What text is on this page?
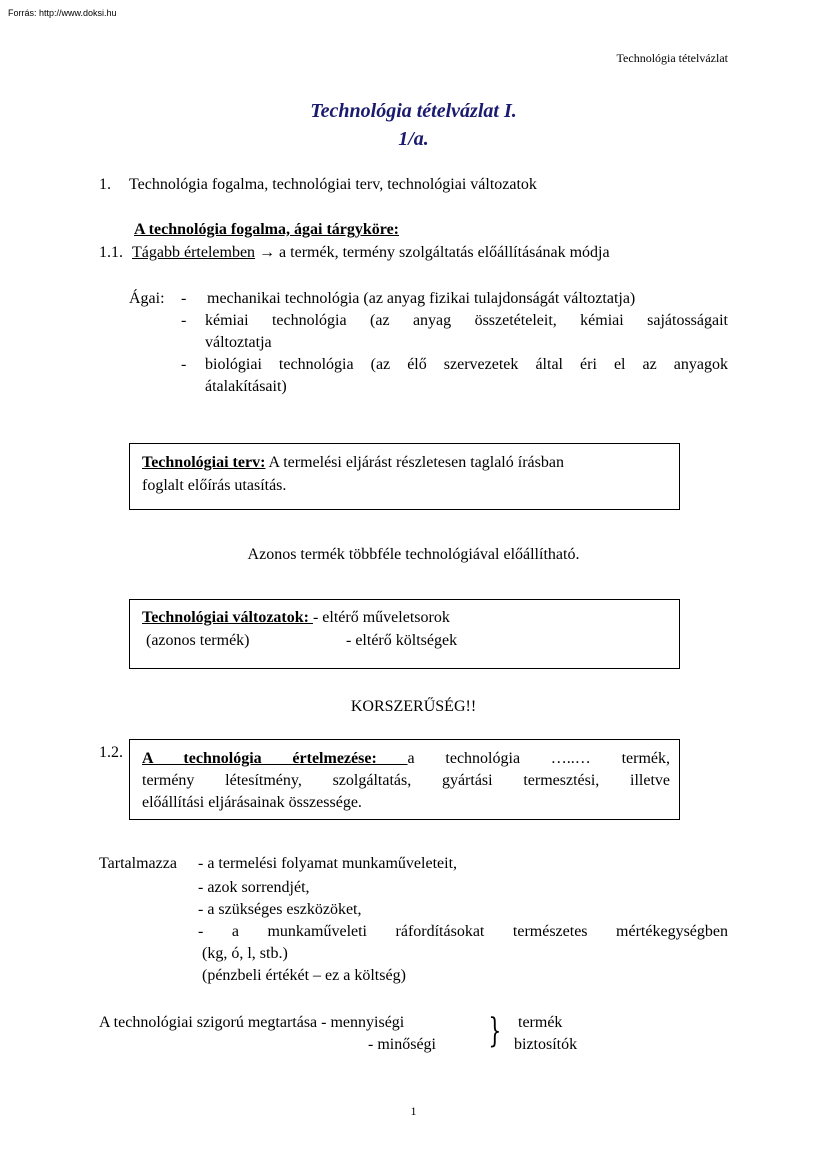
Forrás: http://www.doksi.hu
Technológia tételvázlat
Technológia tételvázlat I.
1/a.
1. Technológia fogalma, technológiai terv, technológiai változatok
A technológia fogalma, ágai tárgyköre:
1.1. Tágabb értelemben → a termék, termény szolgáltatás előállításának módja
Ágai: - mechanikai technológia (az anyag fizikai tulajdonságát változtatja)
- kémiai technológia (az anyag összetételeit, kémiai sajátosságait
változtatja
- biológiai technológia (az élő szervezetek által éri el az anyagok
átalakításait)
Technológiai terv: A termelési eljárást részletesen taglaló írásban
foglalt előírás utasítás.
Azonos termék többféle technológiával előállítható.
Technológiai változatok: - eltérő műveletsorok
(azonos termék)	- eltérő költségek
KORSZERŰSÉG!!
1.2. A technológia értelmezése: a technológia …..… termék,
termény létesítmény, szolgáltatás, gyártási termesztési, illetve
előállítási eljárásainak összessége.
Tartalmazza - a termelési folyamat munkaműveleteit,
- azok sorrendjét,
- a szükséges eszközöket,
- a munkaműveleti ráfordításokat természetes mértékegységben
(kg, ó, l, stb.)
(pénzbeli értékét – ez a költség)
A technológiai szigorú megtartása - mennyiségi
- minőségi } termék
biztosítók
1
